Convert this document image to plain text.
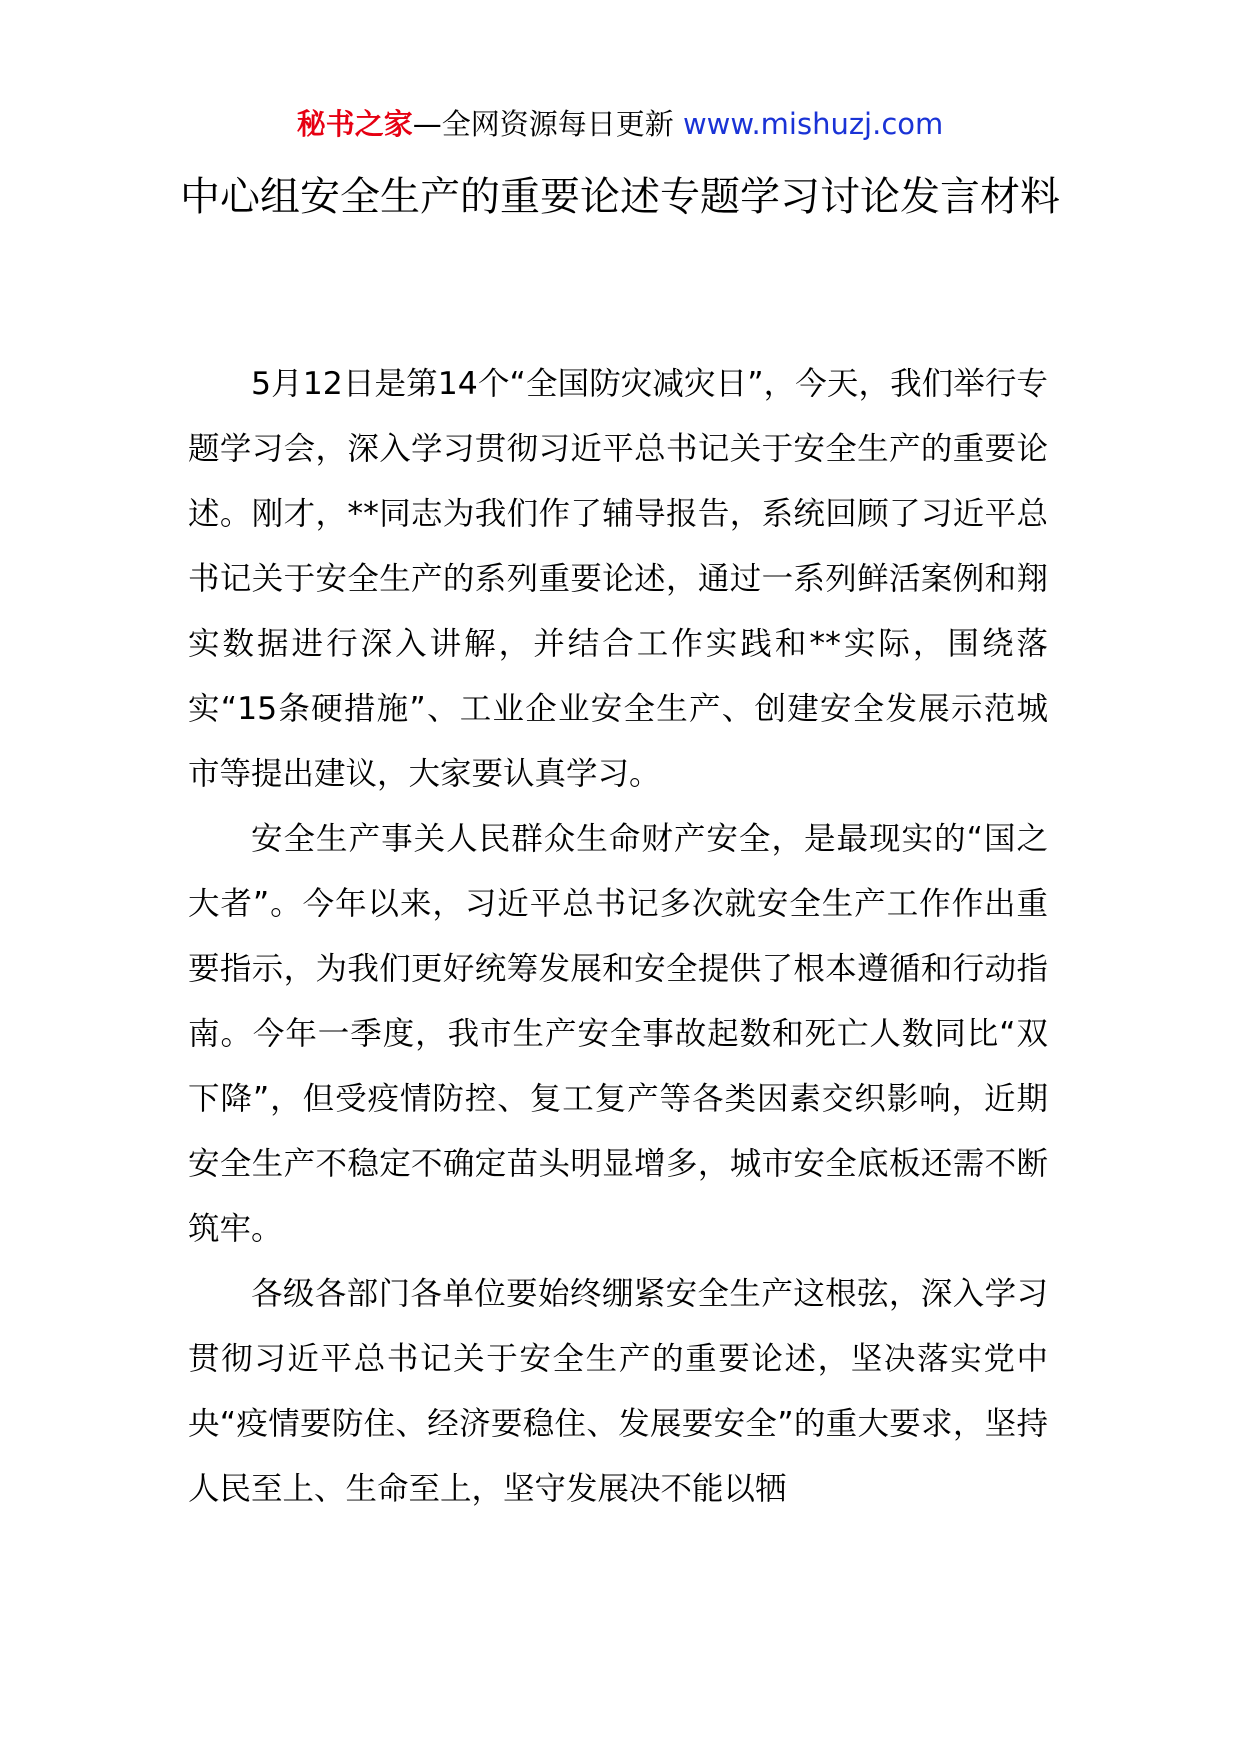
秘书之家—全网资源每日更新 www.mishuzj.com
中心组安全生产的重要论述专题学习讨论发言材料

5月12日是第14个“全国防灾减灾日”，今天，我们举行专题学习会，深入学习贯彻习近平总书记关于安全生产的重要论述。刚才，**同志为我们作了辅导报告，系统回顾了习近平总书记关于安全生产的系列重要论述，通过一系列鲜活案例和翔实数据进行深入讲解，并结合工作实践和**实际，围绕落实“15条硬措施”、工业企业安全生产、创建安全发展示范城市等提出建议，大家要认真学习。

安全生产事关人民群众生命财产安全，是最现实的“国之大者”。今年以来，习近平总书记多次就安全生产工作作出重要指示，为我们更好统筹发展和安全提供了根本遵循和行动指南。今年一季度，我市生产安全事故起数和死亡人数同比“双下降”，但受疫情防控、复工复产等各类因素交织影响，近期安全生产不稳定不确定苗头明显增多，城市安全底板还需不断筑牢。

各级各部门各单位要始终绷紧安全生产这根弦，深入学习贯彻习近平总书记关于安全生产的重要论述，坚决落实党中央“疫情要防住、经济要稳住、发展要安全”的重大要求，坚持人民至上、生命至上，坚守发展决不能以牺
